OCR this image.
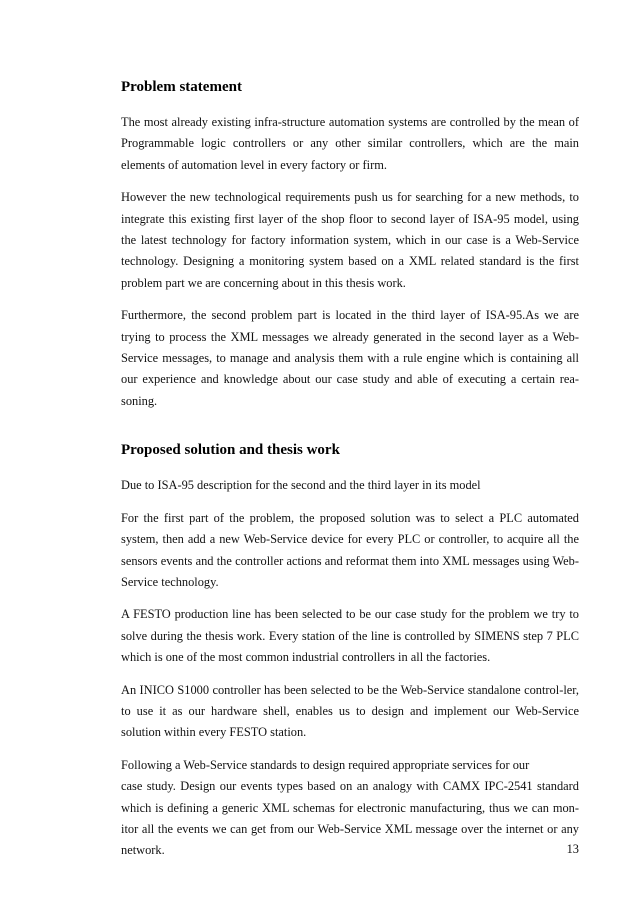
Problem statement

The most already existing infra-structure automation systems are controlled by the mean of Programmable logic controllers or any other similar controllers, which are the main elements of automation level in every factory or firm.

However the new technological requirements push us for searching for a new methods, to integrate this existing first layer of the shop floor to second layer of ISA-95 model, using the latest technology for factory information system, which in our case is a Web-Service technology. Designing a monitoring system based on a XML related standard is the first problem part we are concerning about in this thesis work.

Furthermore, the second problem part is located in the third layer of ISA-95.As we are trying to process the XML messages we already generated in the second layer as a Web-Service messages, to manage and analysis them with a rule engine which is containing all our experience and knowledge about our case study and able of executing a certain rea-soning.

Proposed solution and thesis work

Due to ISA-95 description for the second and the third layer in its model

For the first part of the problem, the proposed solution was to select a PLC automated system, then add a new Web-Service device for every PLC or controller, to acquire all the sensors events and the controller actions and reformat them into XML messages using Web-Service technology.

A FESTO production line has been selected to be our case study for the problem we try to solve during the thesis work. Every station of the line is controlled by SIMENS step 7 PLC which is one of the most common industrial controllers in all the factories.

An INICO S1000 controller has been selected to be the Web-Service standalone control-ler, to use it as our hardware shell, enables us to design and implement our Web-Service solution within every FESTO station.

Following a Web-Service standards to design required appropriate services for our
case study. Design our events types based on an analogy with CAMX IPC-2541 standard which is defining a generic XML schemas for electronic manufacturing, thus we can mon-itor all the events we can get from our Web-Service XML message over the internet or any network.	13
